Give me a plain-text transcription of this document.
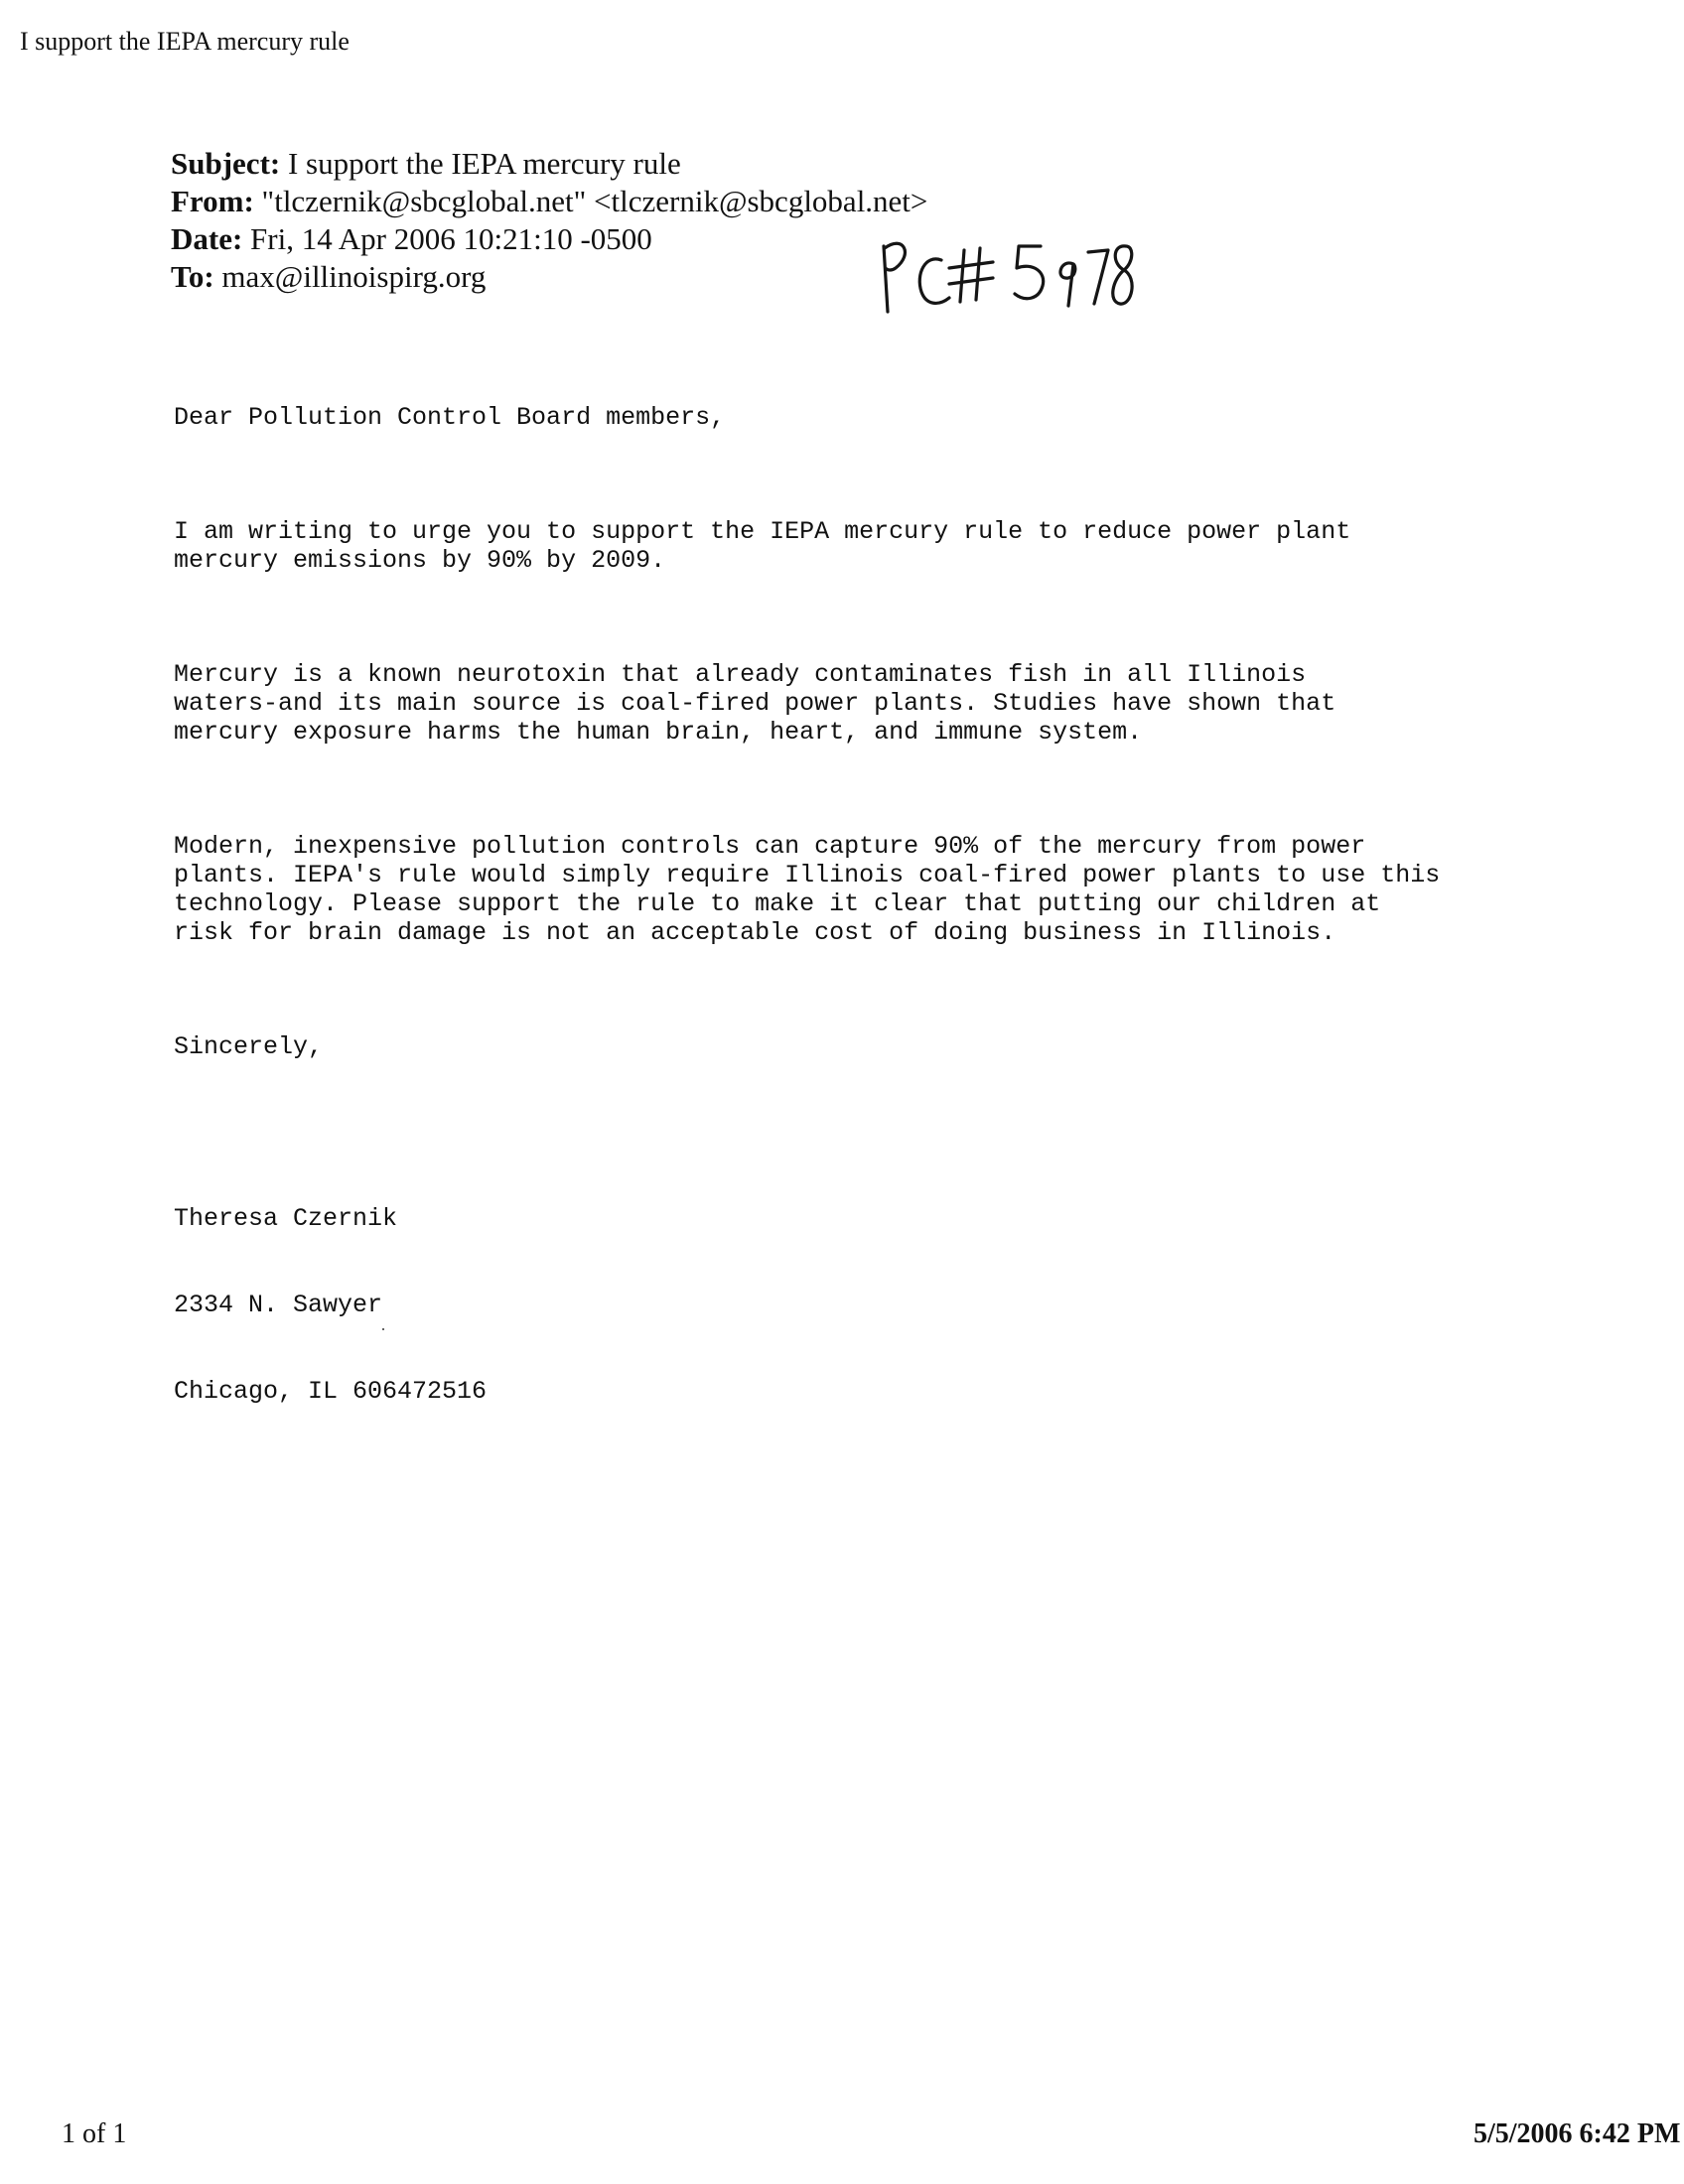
I support the IEPA mercury rule
Subject: I support the IEPA mercury rule
From: "tlczernik@sbcglobal.net" <tlczernik@sbcglobal.net>
Date: Fri, 14 Apr 2006 10:21:10 -0500
To: max@illinoispirg.org

Dear Pollution Control Board members,

I am writing to urge you to support the IEPA mercury rule to reduce power plant
mercury emissions by 90% by 2009.

Mercury is a known neurotoxin that already contaminates fish in all Illinois
waters-and its main source is coal-fired power plants. Studies have shown that
mercury exposure harms the human brain, heart, and immune system.

Modern, inexpensive pollution controls can capture 90% of the mercury from power
plants. IEPA's rule would simply require Illinois coal-fired power plants to use this
technology. Please support the rule to make it clear that putting our children at
risk for brain damage is not an acceptable cost of doing business in Illinois.

Sincerely,

Theresa Czernik

2334 N. Sawyer

Chicago, IL 606472516

1 of 1	5/5/2006 6:42 PM
